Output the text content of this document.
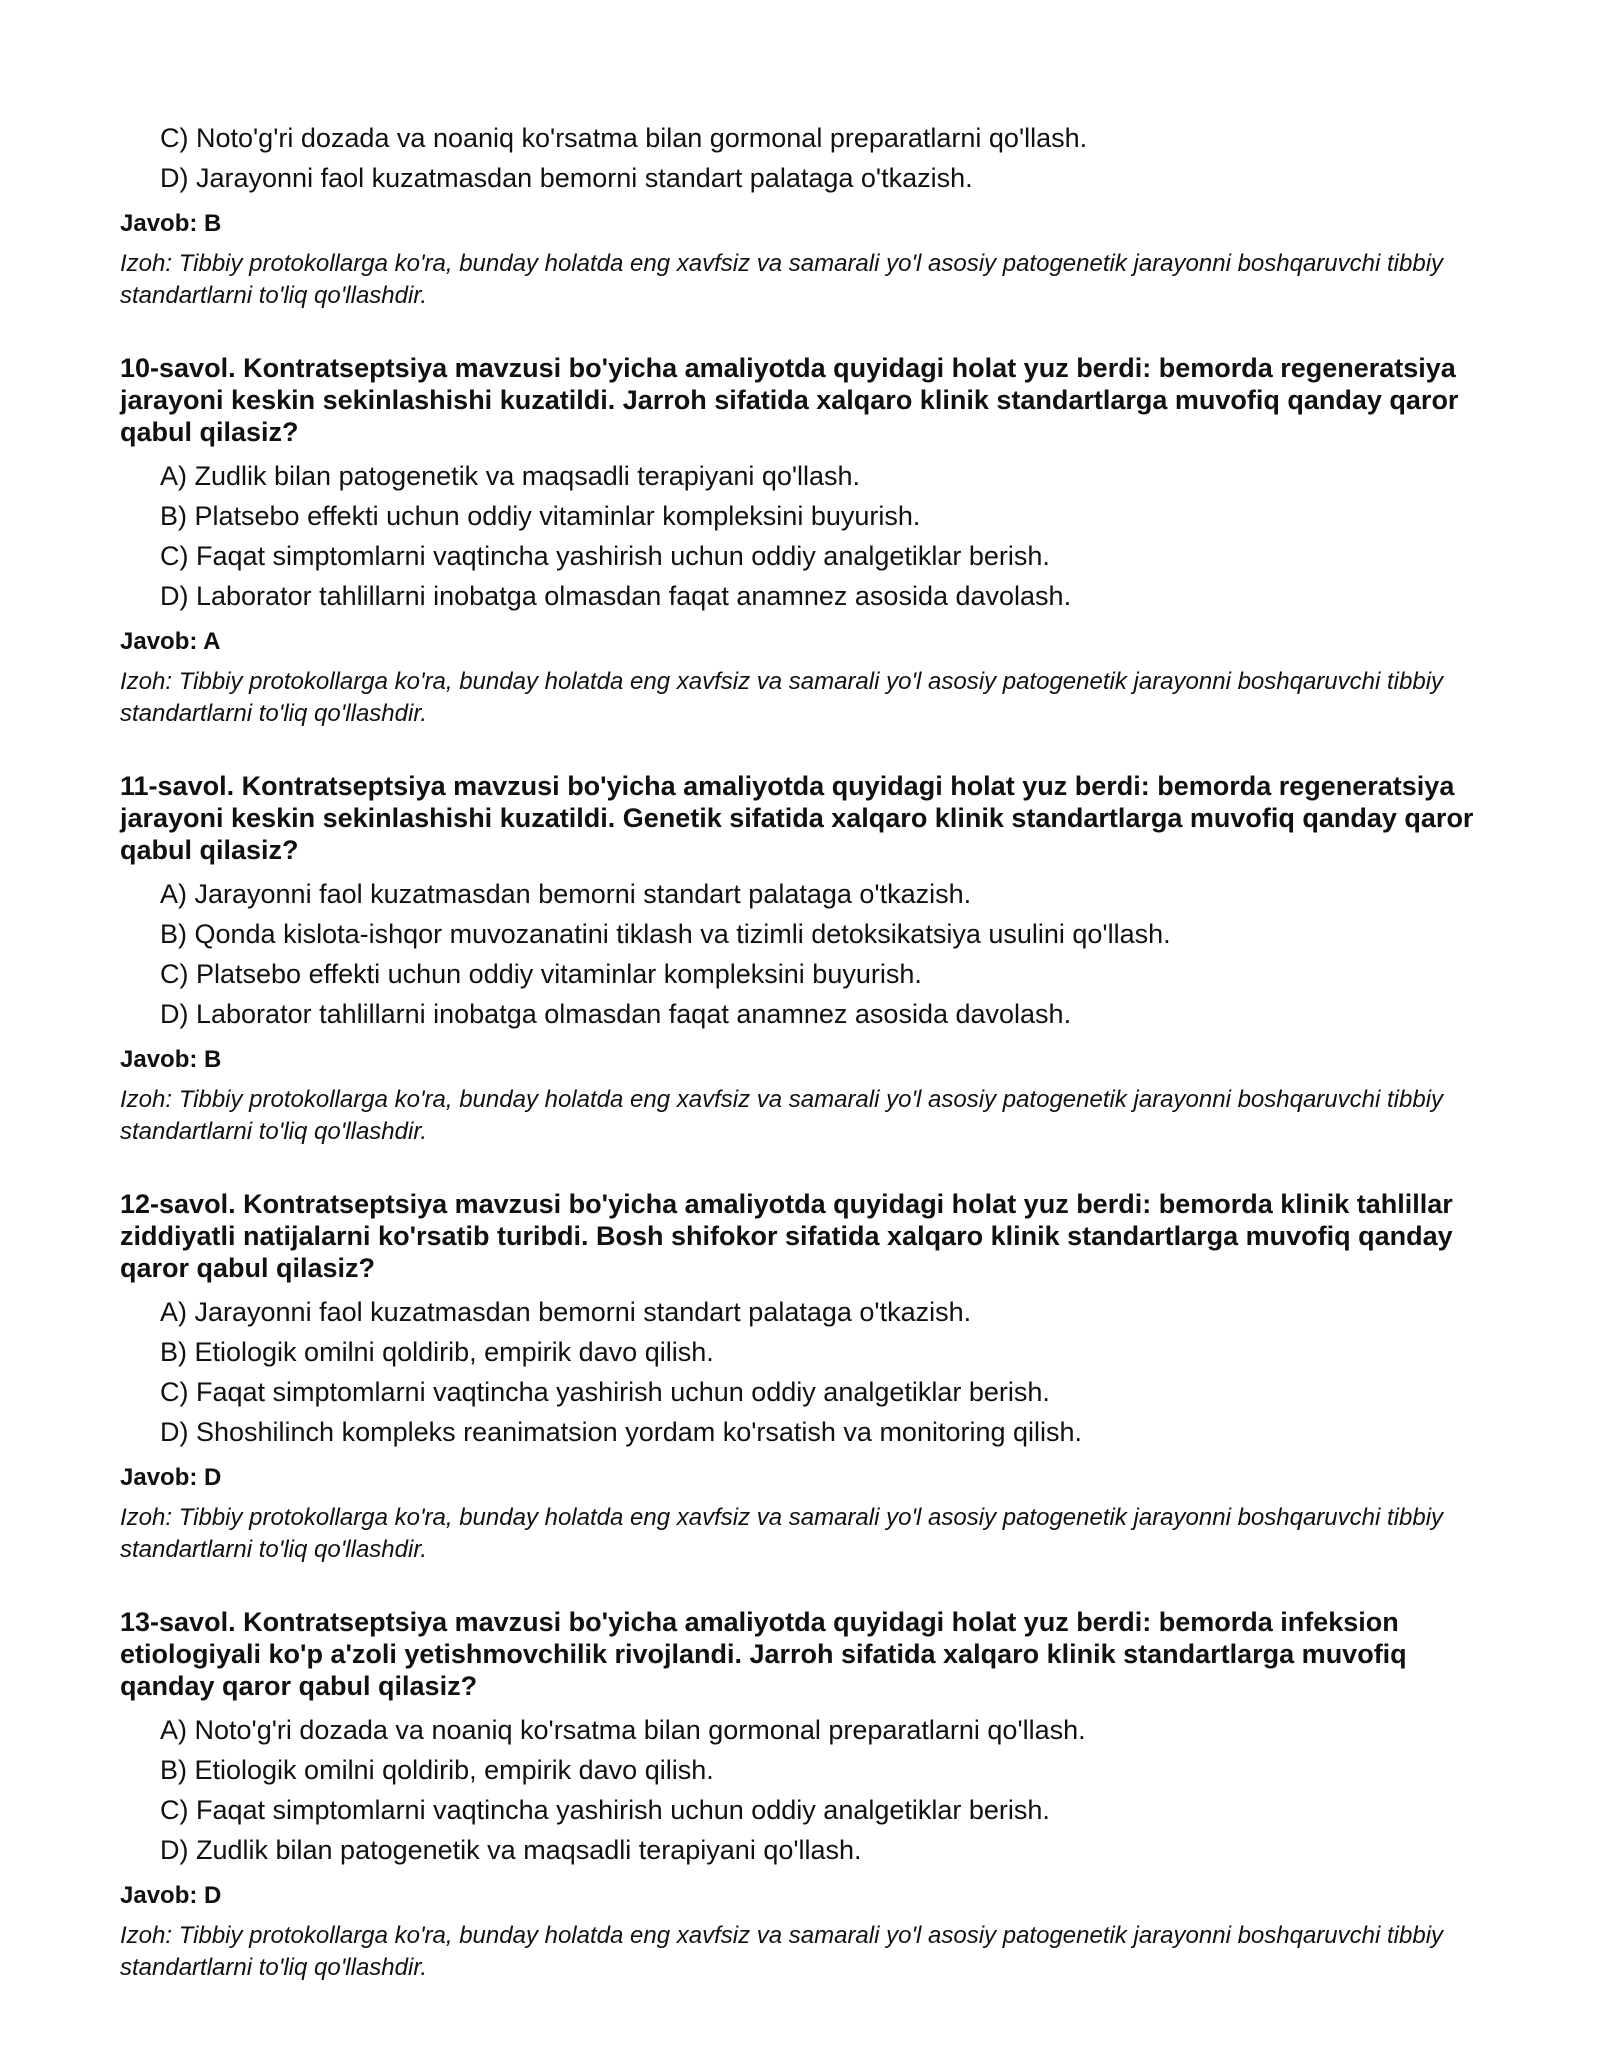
C) Noto'g'ri dozada va noaniq ko'rsatma bilan gormonal preparatlarni qo'llash.
D) Jarayonni faol kuzatmasdan bemorni standart palataga o'tkazish.
Javob: B
Izoh: Tibbiy protokollarga ko'ra, bunday holatda eng xavfsiz va samarali yo'l asosiy patogenetik jarayonni boshqaruvchi tibbiy standartlarni to'liq qo'llashdir.

10-savol. Kontratseptsiya mavzusi bo'yicha amaliyotda quyidagi holat yuz berdi: bemorda regeneratsiya jarayoni keskin sekinlashishi kuzatildi. Jarroh sifatida xalqaro klinik standartlarga muvofiq qanday qaror qabul qilasiz?

A) Zudlik bilan patogenetik va maqsadli terapiyani qo'llash.
B) Platsebo effekti uchun oddiy vitaminlar kompleksini buyurish.
C) Faqat simptomlarni vaqtincha yashirish uchun oddiy analgetiklar berish.
D) Laborator tahlillarni inobatga olmasdan faqat anamnez asosida davolash.
Javob: A
Izoh: Tibbiy protokollarga ko'ra, bunday holatda eng xavfsiz va samarali yo'l asosiy patogenetik jarayonni boshqaruvchi tibbiy standartlarni to'liq qo'llashdir.

11-savol. Kontratseptsiya mavzusi bo'yicha amaliyotda quyidagi holat yuz berdi: bemorda regeneratsiya jarayoni keskin sekinlashishi kuzatildi. Genetik sifatida xalqaro klinik standartlarga muvofiq qanday qaror qabul qilasiz?

A) Jarayonni faol kuzatmasdan bemorni standart palataga o'tkazish.
B) Qonda kislota-ishqor muvozanatini tiklash va tizimli detoksikatsiya usulini qo'llash.
C) Platsebo effekti uchun oddiy vitaminlar kompleksini buyurish.
D) Laborator tahlillarni inobatga olmasdan faqat anamnez asosida davolash.
Javob: B
Izoh: Tibbiy protokollarga ko'ra, bunday holatda eng xavfsiz va samarali yo'l asosiy patogenetik jarayonni boshqaruvchi tibbiy standartlarni to'liq qo'llashdir.

12-savol. Kontratseptsiya mavzusi bo'yicha amaliyotda quyidagi holat yuz berdi: bemorda klinik tahlillar ziddiyatli natijalarni ko'rsatib turibdi. Bosh shifokor sifatida xalqaro klinik standartlarga muvofiq qanday qaror qabul qilasiz?

A) Jarayonni faol kuzatmasdan bemorni standart palataga o'tkazish.
B) Etiologik omilni qoldirib, empirik davo qilish.
C) Faqat simptomlarni vaqtincha yashirish uchun oddiy analgetiklar berish.
D) Shoshilinch kompleks reanimatsion yordam ko'rsatish va monitoring qilish.
Javob: D
Izoh: Tibbiy protokollarga ko'ra, bunday holatda eng xavfsiz va samarali yo'l asosiy patogenetik jarayonni boshqaruvchi tibbiy standartlarni to'liq qo'llashdir.

13-savol. Kontratseptsiya mavzusi bo'yicha amaliyotda quyidagi holat yuz berdi: bemorda infeksion etiologiyali ko'p a'zoli yetishmovchilik rivojlandi. Jarroh sifatida xalqaro klinik standartlarga muvofiq qanday qaror qabul qilasiz?

A) Noto'g'ri dozada va noaniq ko'rsatma bilan gormonal preparatlarni qo'llash.
B) Etiologik omilni qoldirib, empirik davo qilish.
C) Faqat simptomlarni vaqtincha yashirish uchun oddiy analgetiklar berish.
D) Zudlik bilan patogenetik va maqsadli terapiyani qo'llash.
Javob: D
Izoh: Tibbiy protokollarga ko'ra, bunday holatda eng xavfsiz va samarali yo'l asosiy patogenetik jarayonni boshqaruvchi tibbiy standartlarni to'liq qo'llashdir.
